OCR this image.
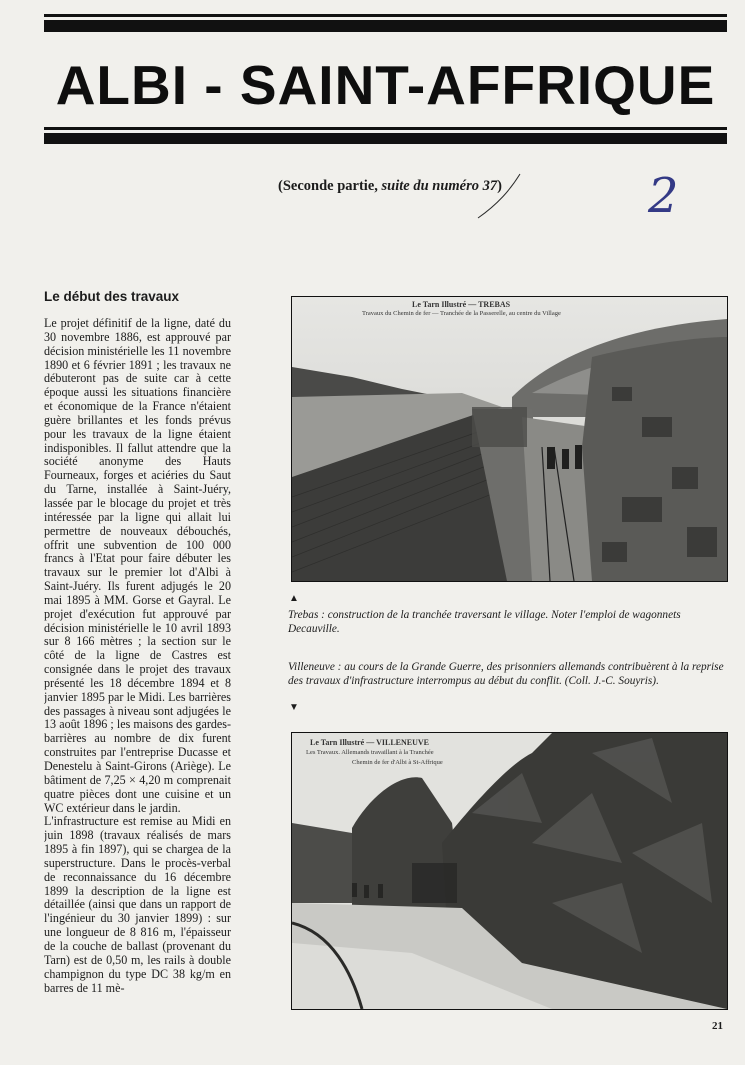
ALBI - SAINT-AFFRIQUE
(Seconde partie, suite du numéro 37)	2
Le début des travaux

Le projet définitif de la ligne, daté du 30 novembre 1886, est approuvé par décision ministérielle les 11 novembre 1890 et 6 février 1891 ; les travaux ne débuteront pas de suite car à cette époque aussi les situations financière et économique de la France n'étaient guère brillantes et les fonds prévus pour les travaux de la ligne étaient indisponibles. Il fallut attendre que la société anonyme des Hauts Fourneaux, forges et aciéries du Saut du Tarne, installée à Saint-Juéry, lassée par le blocage du projet et très intéressée par la ligne qui allait lui permettre de nouveaux débouchés, offrit une subvention de 100 000 francs à l'Etat pour faire débuter les travaux sur le premier lot d'Albi à Saint-Juéry. Ils furent adjugés le 20 mai 1895 à MM. Gorse et Gayral. Le projet d'exécution fut approuvé par décision ministérielle le 10 avril 1893 sur 8 166 mètres ; la section sur le côté de la ligne de Castres est consignée dans le projet des travaux présenté les 18 décembre 1894 et 8 janvier 1895 par le Midi. Les barrières des passages à niveau sont adjugées le 13 août 1896 ; les maisons des gardes-barrières au nombre de dix furent construites par l'entreprise Ducasse et Denestelu à Saint-Girons (Ariège). Le bâtiment de 7,25 × 4,20 m comprenait quatre pièces dont une cuisine et un WC extérieur dans le jardin.

L'infrastructure est remise au Midi en juin 1898 (travaux réalisés de mars 1895 à fin 1897), qui se chargea de la superstructure. Dans le procès-verbal de reconnaissance du 16 décembre 1899 la description de la ligne est détaillée (ainsi que dans un rapport de l'ingénieur du 30 janvier 1899) : sur une longueur de 8 816 m, l'épaisseur de la couche de ballast (provenant du Tarn) est de 0,50 m, les rails à double champignon du type DC 38 kg/m en barres de 11 mè-

Le Tarn Illustré — TREBAS
Travaux du Chemin de fer — Tranchée de la Passerelle, au centre du Village
▲
Trebas : construction de la tranchée traversant le village. Noter l'emploi de wagonnets Decauville.
Villeneuve : au cours de la Grande Guerre, des prisonniers allemands contribuèrent à la reprise des travaux d'infrastructure interrompus au début du conflit. (Coll. J.-C. Souyris).
▼
Le Tarn Illustré — VILLENEUVE
Les Travaux. Allemands travaillant à la Tranchée
Chemin de fer d'Albi à St-Affrique
21
